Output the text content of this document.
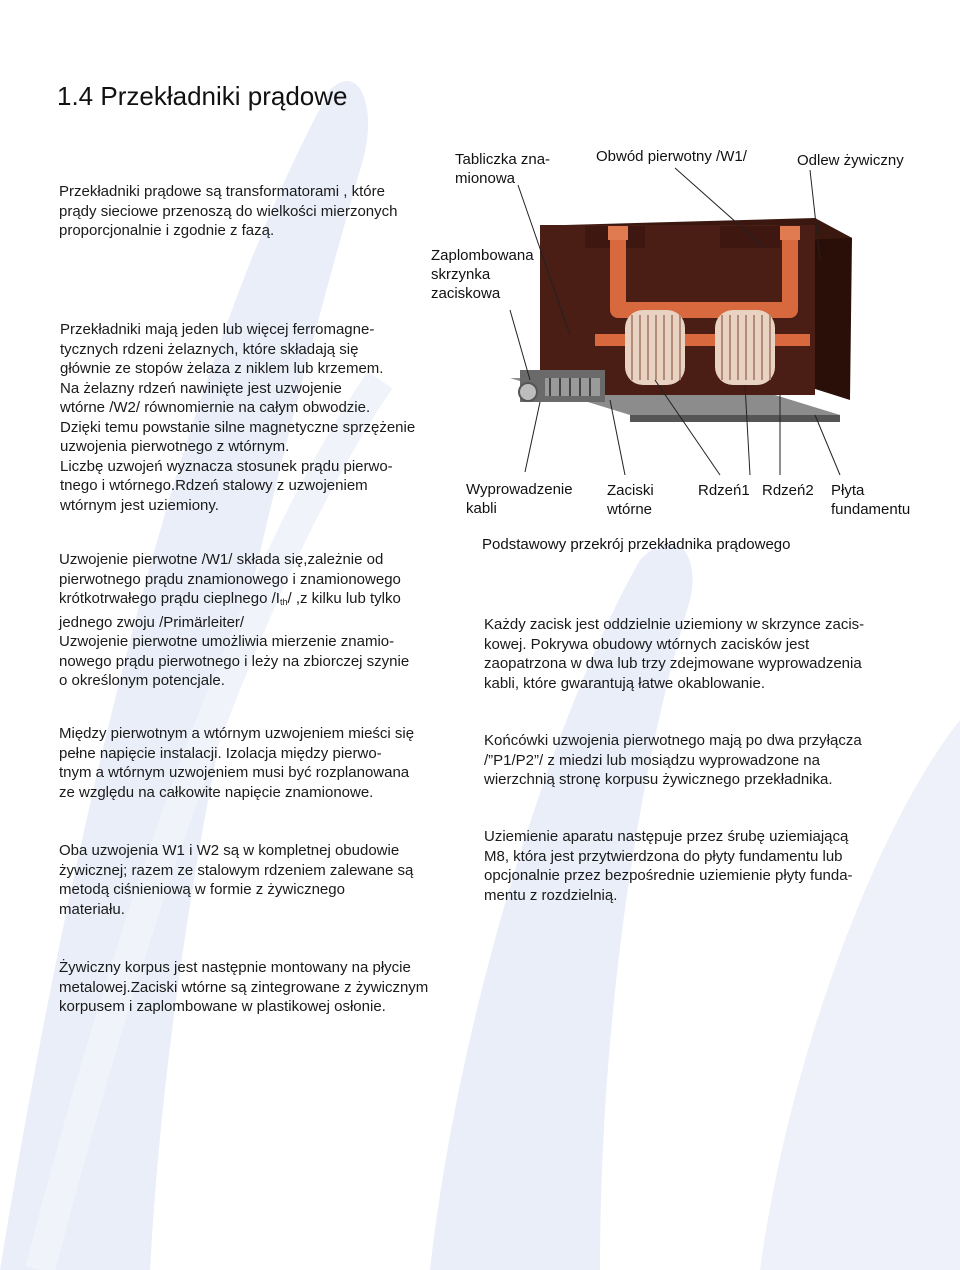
1.4 Przekładniki prądowe
Przekładniki prądowe są transformatorami , które
prądy sieciowe przenoszą do wielkości mierzonych
proporcjonalnie i zgodnie z fazą.
Przekładniki mają jeden lub więcej ferromagne-
tycznych rdzeni żelaznych, które składają się
głównie ze stopów żelaza z niklem lub krzemem.
Na żelazny rdzeń nawinięte jest uzwojenie
wtórne /W2/ równomiernie na całym obwodzie.
Dzięki temu powstanie silne magnetyczne sprzężenie
uzwojenia pierwotnego z wtórnym.
Liczbę uzwojeń wyznacza stosunek prądu pierwo-
tnego i wtórnego.Rdzeń stalowy z uzwojeniem
wtórnym jest uziemiony.
Uzwojenie pierwotne /W1/ składa się,zależnie od
pierwotnego prądu znamionowego i znamionowego
krótkotrwałego prądu cieplnego $/I_{th}/$ ,z kilku lub tylko
jednego zwoju /Primärleiter/
Uzwojenie pierwotne umożliwia mierzenie znamio-
nowego prądu pierwotnego i leży na zbiorczej szynie
o określonym potencjale.
Między pierwotnym a wtórnym uzwojeniem mieści się
pełne napięcie instalacji. Izolacja między pierwo-
tnym a wtórnym uzwojeniem musi być rozplanowana
ze względu na całkowite napięcie znamionowe.
Oba uzwojenia W1 i W2 są w kompletnej obudowie
żywicznej; razem ze stalowym rdzeniem zalewane są
metodą ciśnieniową w formie z żywicznego
materiału.
Żywiczny korpus jest następnie montowany na płycie
metalowej.Zaciski wtórne są zintegrowane z żywicznym
korpusem i zaplombowane w plastikowej osłonie.
Każdy zacisk jest oddzielnie uziemiony w skrzynce zacis-
kowej. Pokrywa obudowy wtórnych zacisków jest
zaopatrzona w dwa lub trzy zdejmowane wyprowadzenia
kabli, które gwarantują łatwe okablowanie.
Końcówki uzwojenia pierwotnego mają po dwa przyłącza
/”P1/P2”/ z miedzi lub mosiądzu wyprowadzone na
wierzchnią stronę korpusu żywicznego przekładnika.
Uziemienie aparatu następuje przez śrubę uziemiającą
M8, która jest przytwierdzona do płyty fundamentu lub
opcjonalnie przez bezpośrednie uziemienie płyty funda-
mentu z rozdzielnią.
Tabliczka zna-
mionowa
Obwód pierwotny /W1/	Odlew żywiczny
Zaplombowana
skrzynka
zaciskowa
Wyprowadzenie
kabli
Zaciski
wtórne
Rdzeń1 Rdzeń2 Płyta
fundamentu
Podstawowy przekrój przekładnika prądowego
